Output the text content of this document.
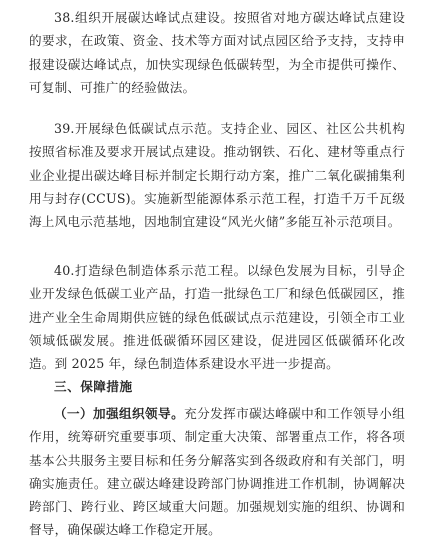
38.组织开展碳达峰试点建设。按照省对地方碳达峰试点建设的要求，在政策、资金、技术等方面对试点园区给予支持，支持申报建设碳达峰试点，加快实现绿色低碳转型，为全市提供可操作、可复制、可推广的经验做法。

39.开展绿色低碳试点示范。支持企业、园区、社区公共机构按照省标准及要求开展试点建设。推动钢铁、石化、建材等重点行业企业提出碳达峰目标并制定长期行动方案，推广二氧化碳捕集利用与封存(CCUS)。实施新型能源体系示范工程，打造千万千瓦级海上风电示范基地，因地制宜建设“风光火储”多能互补示范项目。

40.打造绿色制造体系示范工程。以绿色发展为目标，引导企业开发绿色低碳工业产品，打造一批绿色工厂和绿色低碳园区，推进产业全生命周期供应链的绿色低碳试点示范建设，引领全市工业领域低碳发展。推进低碳循环园区建设，促进园区低碳循环化改造。到 2025 年，绿色制造体系建设水平进一步提高。

三、保障措施

（一）加强组织领导。充分发挥市碳达峰碳中和工作领导小组作用，统筹研究重要事项、制定重大决策、部署重点工作，将各项基本公共服务主要目标和任务分解落实到各级政府和有关部门，明确实施责任。建立碳达峰建设跨部门协调推进工作机制，协调解决跨部门、跨行业、跨区域重大问题。加强规划实施的组织、协调和督导，确保碳达峰工作稳定开展。
